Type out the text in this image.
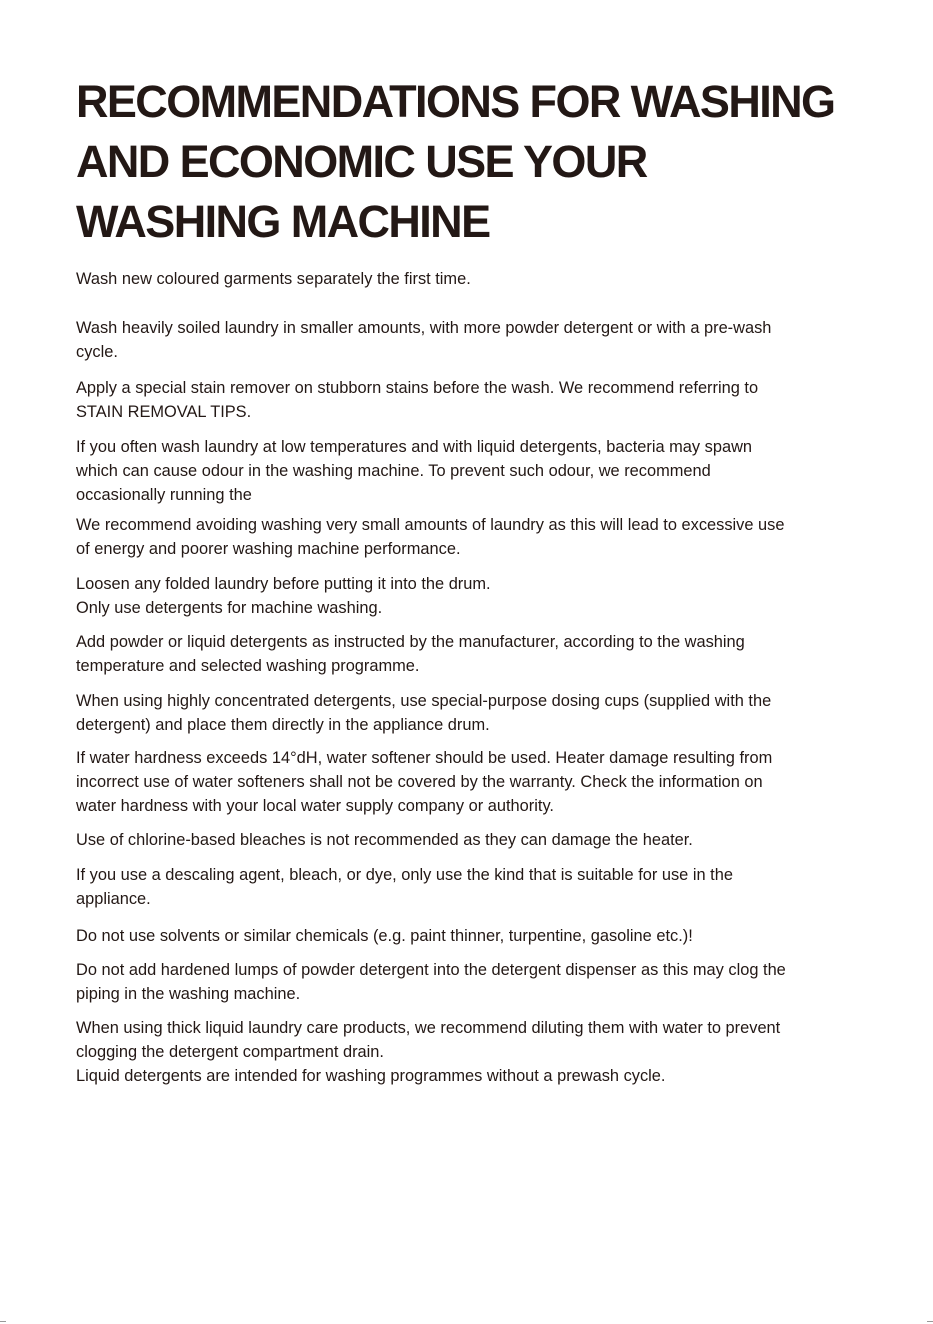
RECOMMENDATIONS FOR WASHING
AND ECONOMIC USE YOUR
WASHING MACHINE

Wash new coloured garments separately the first time.

Wash heavily soiled laundry in smaller amounts, with more powder detergent or with a pre-wash
cycle.

Apply a special stain remover on stubborn stains before the wash. We recommend referring to
STAIN REMOVAL TIPS.

If you often wash laundry at low temperatures and with liquid detergents, bacteria may spawn
which can cause odour in the washing machine. To prevent such odour, we recommend
occasionally running the

We recommend avoiding washing very small amounts of laundry as this will lead to excessive use
of energy and poorer washing machine performance.

Loosen any folded laundry before putting it into the drum.
Only use detergents for machine washing.

Add powder or liquid detergents as instructed by the manufacturer, according to the washing
temperature and selected washing programme.

When using highly concentrated detergents, use special-purpose dosing cups (supplied with the
detergent) and place them directly in the appliance drum.

If water hardness exceeds 14°dH, water softener should be used. Heater damage resulting from
incorrect use of water softeners shall not be covered by the warranty. Check the information on
water hardness with your local water supply company or authority.

Use of chlorine-based bleaches is not recommended as they can damage the heater.

If you use a descaling agent, bleach, or dye, only use the kind that is suitable for use in the
appliance.

Do not use solvents or similar chemicals (e.g. paint thinner, turpentine, gasoline etc.)!

Do not add hardened lumps of powder detergent into the detergent dispenser as this may clog the
piping in the washing machine.

When using thick liquid laundry care products, we recommend diluting them with water to prevent
clogging the detergent compartment drain.
Liquid detergents are intended for washing programmes without a prewash cycle.
